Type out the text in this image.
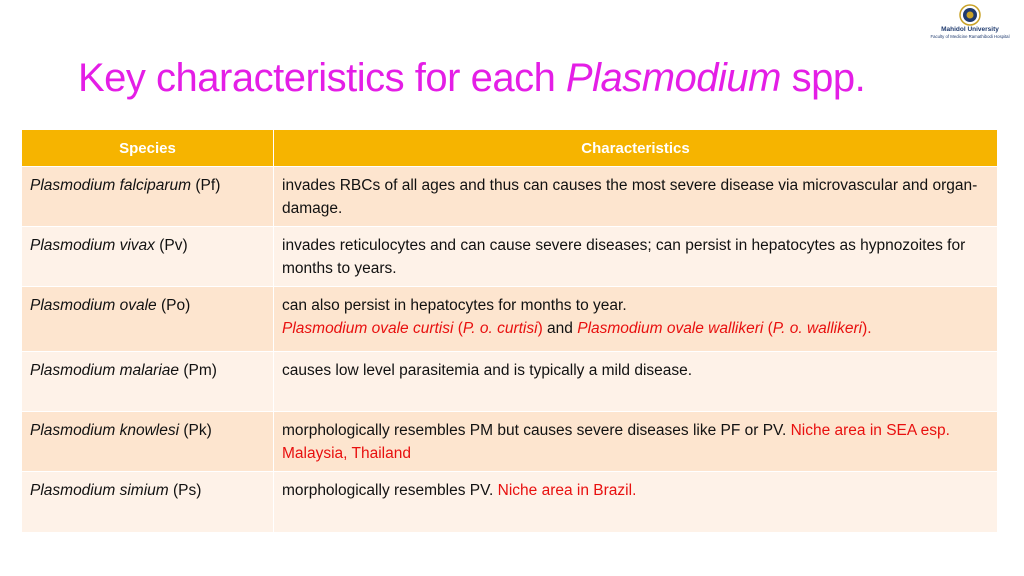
Mahidol University
Faculty of Medicine Ramathibodi Hospital
Key characteristics for each Plasmodium spp.
Species	Characteristics
Plasmodium falciparum (Pf)	invades RBCs of all ages and thus can causes the most severe disease via microvascular and organ-damage.
Plasmodium vivax (Pv)	invades reticulocytes and can cause severe diseases; can persist in hepatocytes as hypnozoites for months to years.
Plasmodium ovale (Po)	can also persist in hepatocytes for months to year.
Plasmodium ovale curtisi (P. o. curtisi) and Plasmodium ovale wallikeri (P. o. wallikeri).
Plasmodium malariae (Pm)	causes low level parasitemia and is typically a mild disease.
Plasmodium knowlesi (Pk)	morphologically resembles PM but causes severe diseases like PF or PV. Niche area in SEA esp. Malaysia, Thailand
Plasmodium simium (Ps)	morphologically resembles PV. Niche area in Brazil.
